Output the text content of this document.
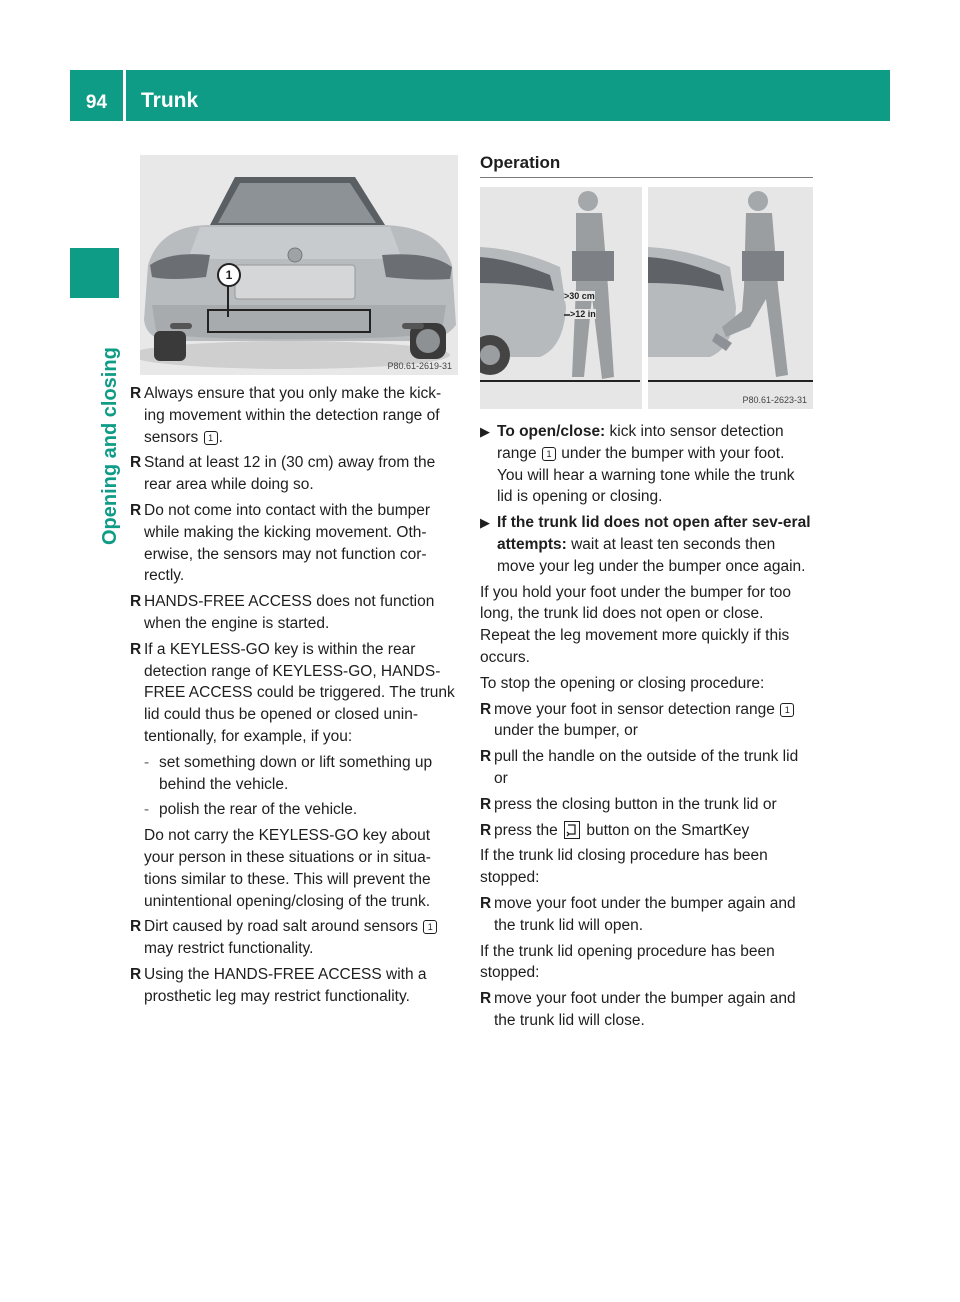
94	Trunk
Opening and closing
1
P80.61-2619-31
Operation
>30 cm
>12 in
P80.61-2623-31
R Always ensure that you only make the kick-ing movement within the detection range of sensors 1 .
R Stand at least 12 in (30 cm) away from the rear area while doing so.
R Do not come into contact with the bumper while making the kicking movement. Oth-erwise, the sensors may not function cor-rectly.
R HANDS-FREE ACCESS does not function when the engine is started.
R If a KEYLESS-GO key is within the rear detection range of KEYLESS-GO, HANDS-FREE ACCESS could be triggered. The trunk lid could thus be opened or closed unin-tentionally, for example, if you:
- set something down or lift something up behind the vehicle.
- polish the rear of the vehicle.
Do not carry the KEYLESS-GO key about your person in these situations or in situa-tions similar to these. This will prevent the unintentional opening/closing of the trunk.
R Dirt caused by road salt around sensors 1 may restrict functionality.
R Using the HANDS-FREE ACCESS with a prosthetic leg may restrict functionality.
▶ To open/close: kick into sensor detection range 1 under the bumper with your foot. You will hear a warning tone while the trunk lid is opening or closing.
▶ If the trunk lid does not open after sev-eral attempts: wait at least ten seconds then move your leg under the bumper once again.
If you hold your foot under the bumper for too long, the trunk lid does not open or close. Repeat the leg movement more quickly if this occurs.
To stop the opening or closing procedure:
R move your foot in sensor detection range 1 under the bumper, or
R pull the handle on the outside of the trunk lid or
R press the closing button in the trunk lid or
R press the  button on the SmartKey
If the trunk lid closing procedure has been stopped:
R move your foot under the bumper again and the trunk lid will open.
If the trunk lid opening procedure has been stopped:
R move your foot under the bumper again and the trunk lid will close.
